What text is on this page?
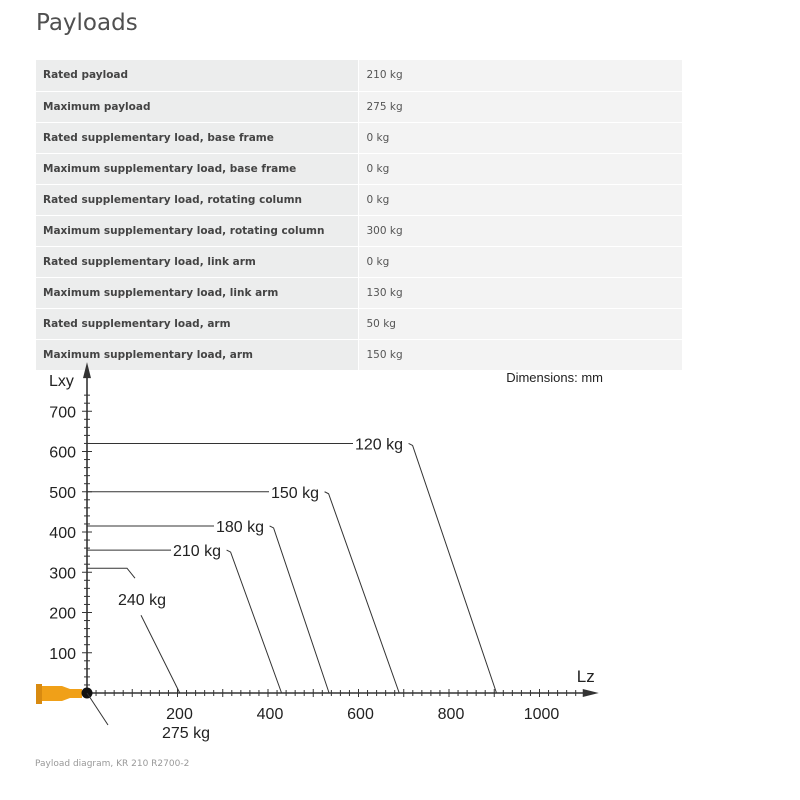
Payloads
Rated payload	210 kg
Maximum payload	275 kg
Rated supplementary load, base frame	0 kg
Maximum supplementary load, base frame	0 kg
Rated supplementary load, rotating column	0 kg
Maximum supplementary load, rotating column	300 kg
Rated supplementary load, link arm	0 kg
Maximum supplementary load, link arm	130 kg
Rated supplementary load, arm	50 kg
Maximum supplementary load, arm	150 kg
200	400	600	800	1000
100
200
300
400
500
600
700
Lxy
Lz
Dimensions: mm
120 kg
150 kg
180 kg
210 kg
240 kg
275 kg
Payload diagram, KR 210 R2700-2
